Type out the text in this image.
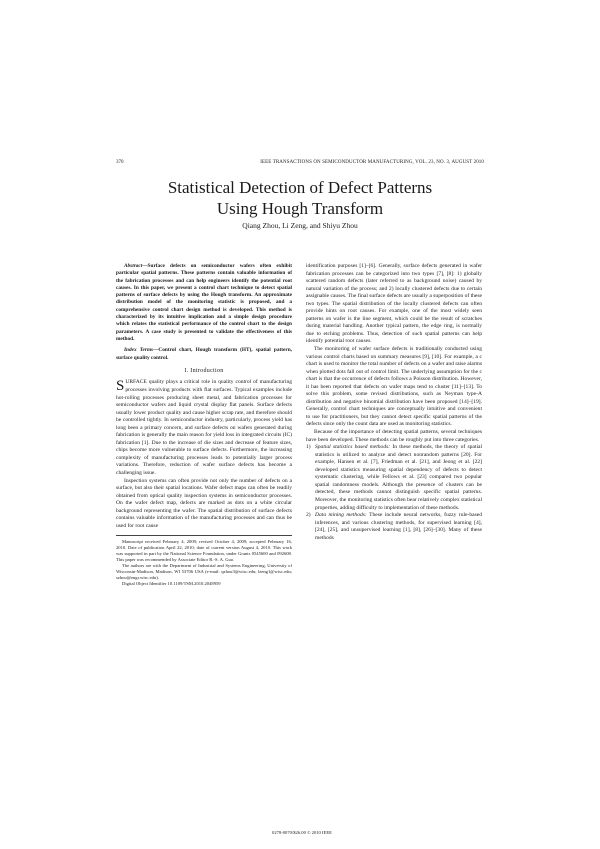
370	IEEE TRANSACTIONS ON SEMICONDUCTOR MANUFACTURING, VOL. 23, NO. 3, AUGUST 2010
Statistical Detection of Defect Patterns
Using Hough Transform
Qiang Zhou, Li Zeng, and Shiyu Zhou

Abstract—Surface defects on semiconductor wafers often exhibit particular spatial patterns. These patterns contain valuable information of the fabrication processes and can help engineers identify the potential root causes. In this paper, we present a control chart technique to detect spatial patterns of surface defects by using the Hough transform. An approximate distribution model of the monitoring statistic is proposed, and a comprehensive control chart design method is developed. This method is characterized by its intuitive implication and a simple design procedure which relates the statistical performance of the control chart to the design parameters. A case study is presented to validate the effectiveness of this method.

Index Terms—Control chart, Hough transform (HT), spatial pattern, surface quality control.

I. Introduction

SURFACE quality plays a critical role in quality control of manufacturing processes involving products with flat surfaces. Typical examples include hot-rolling processes producing sheet metal, and fabrication processes for semiconductor wafers and liquid crystal display flat panels. Surface defects usually lower product quality and cause higher scrap rate, and therefore should be controlled tightly. In semiconductor industry, particularly, process yield has long been a primary concern, and surface defects on wafers generated during fabrication is generally the main reason for yield loss in integrated circuits (IC) fabrication [1]. Due to the increase of die sizes and decrease of feature sizes, chips become more vulnerable to surface defects. Furthermore, the increasing complexity of manufacturing processes leads to potentially larger process variations. Therefore, reduction of wafer surface defects has become a challenging issue.

Inspection systems can often provide not only the number of defects on a surface, but also their spatial locations. Wafer defect maps can often be readily obtained from optical quality inspection systems in semiconductor processes. On the wafer defect map, defects are marked as dots on a white circular background representing the wafer. The spatial distribution of surface defects contains valuable information of the manufacturing processes and can thus be used for root cause

Manuscript received February 4, 2009; revised October 4, 2009; accepted February 16, 2010. Date of publication April 22, 2010; date of current version August 4, 2010. This work was supported in part by the National Science Foundation, under Grants 0545600 and 092608. This paper was recommended by Associate Editor R.-S. A. Guo.

The authors are with the Department of Industrial and Systems Engineering, University of Wisconsin-Madison, Madison, WI 53706 USA (e-mail: qzhou3@wisc.edu; lzeng1@wisc.edu; szhou@engr.wisc.edu).

Digital Object Identifier 10.1109/TSM.2010.2048959

identification purposes [1]–[6]. Generally, surface defects generated in wafer fabrication processes can be categorized into two types [7], [8]: 1) globally scattered random defects (later referred to as background noise) caused by natural variation of the process; and 2) locally clustered defects due to certain assignable causes. The final surface defects are usually a superposition of these two types. The spatial distribution of the locally clustered defects can often provide hints on root causes. For example, one of the most widely seen patterns on wafer is the line segment, which could be the result of scratches during material handling. Another typical pattern, the edge ring, is normally due to etching problems. Thus, detection of such spatial patterns can help identify potential root causes.

The monitoring of wafer surface defects is traditionally conducted using various control charts based on summary measures [9], [10]. For example, a c chart is used to monitor the total number of defects on a wafer and raise alarms when plotted dots fall out of control limit. The underlying assumption for the c chart is that the occurrence of defects follows a Poisson distribution. However, it has been reported that defects on wafer maps tend to cluster [11]–[13]. To solve this problem, some revised distributions, such as Neyman type-A distribution and negative binomial distribution have been proposed [14]–[19]. Generally, control chart techniques are conceptually intuitive and convenient to use for practitioners, but they cannot detect specific spatial patterns of the defects since only the count data are used as monitoring statistics.

Because of the importance of detecting spatial patterns, several techniques have been developed. These methods can be roughly put into three categories.

1) Spatial statistics based methods: In these methods, the theory of spatial statistics is utilized to analyze and detect nonrandom patterns [20]. For example, Hansen et al. [7], Friedman et al. [21], and Jeong et al. [22] developed statistics measuring spatial dependency of defects to detect systematic clustering, while Fellows et al. [23] compared two popular spatial randomness models. Although the presence of clusters can be detected, these methods cannot distinguish specific spatial patterns. Moreover, the monitoring statistics often bear relatively complex statistical properties, adding difficulty to implementation of these methods.
2) Data mining methods: These include neural networks, fuzzy rule-based inferences, and various clustering methods, for supervised learning [4], [24], [25], and unsupervised learning [1], [8], [26]–[30]. Many of these methods
0278-0070/$26.00 © 2010 IEEE
